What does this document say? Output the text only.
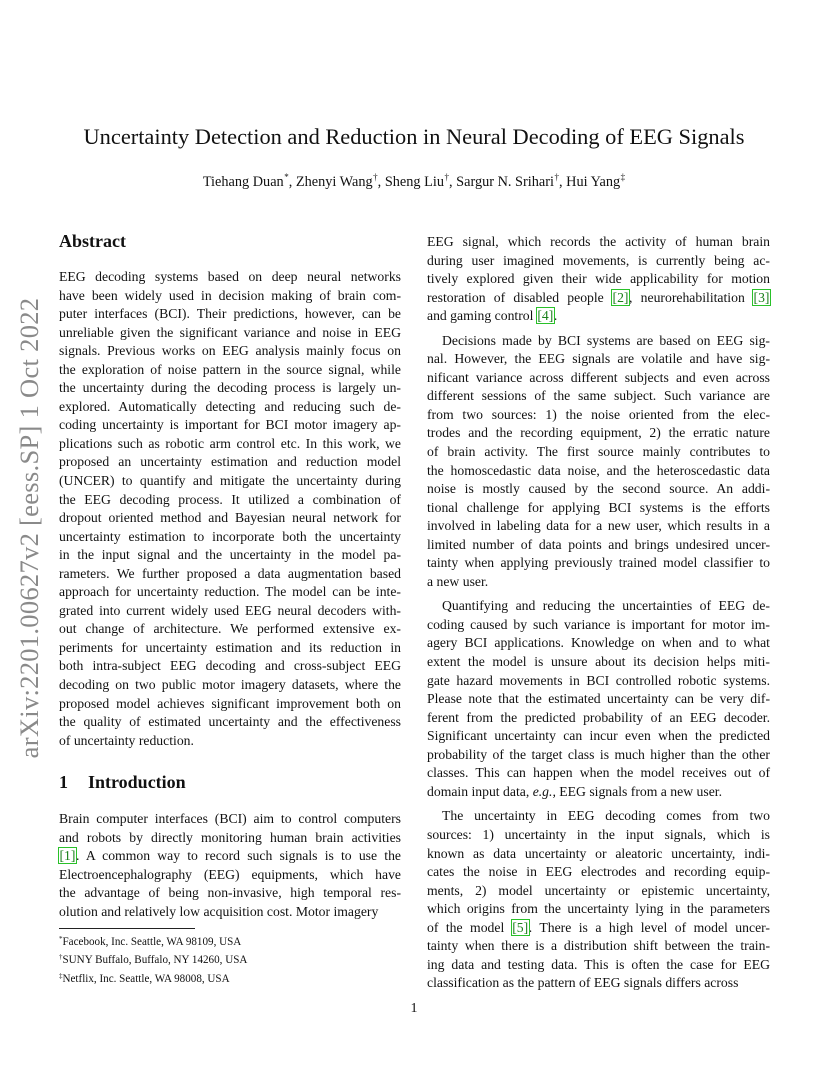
arXiv:2201.00627v2 [eess.SP] 1 Oct 2022
Uncertainty Detection and Reduction in Neural Decoding of EEG Signals
Tiehang Duan*, Zhenyi Wang†, Sheng Liu†, Sargur N. Srihari†, Hui Yang‡
Abstract

EEG decoding systems based on deep neural networks
have been widely used in decision making of brain com-
puter interfaces (BCI). Their predictions, however, can be
unreliable given the significant variance and noise in EEG
signals. Previous works on EEG analysis mainly focus on
the exploration of noise pattern in the source signal, while
the uncertainty during the decoding process is largely un-
explored. Automatically detecting and reducing such de-
coding uncertainty is important for BCI motor imagery ap-
plications such as robotic arm control etc. In this work, we
proposed an uncertainty estimation and reduction model
(UNCER) to quantify and mitigate the uncertainty during
the EEG decoding process. It utilized a combination of
dropout oriented method and Bayesian neural network for
uncertainty estimation to incorporate both the uncertainty
in the input signal and the uncertainty in the model pa-
rameters. We further proposed a data augmentation based
approach for uncertainty reduction. The model can be inte-
grated into current widely used EEG neural decoders with-
out change of architecture. We performed extensive ex-
periments for uncertainty estimation and its reduction in
both intra-subject EEG decoding and cross-subject EEG
decoding on two public motor imagery datasets, where the
proposed model achieves significant improvement both on
the quality of estimated uncertainty and the effectiveness
of uncertainty reduction.

1 Introduction

Brain computer interfaces (BCI) aim to control computers
and robots by directly monitoring human brain activities
[1]. A common way to record such signals is to use the
Electroencephalography (EEG) equipments, which have
the advantage of being non-invasive, high temporal res-
olution and relatively low acquisition cost. Motor imagery

EEG signal, which records the activity of human brain
during user imagined movements, is currently being ac-
tively explored given their wide applicability for motion
restoration of disabled people [2], neurorehabilitation [3]
and gaming control [4].

Decisions made by BCI systems are based on EEG sig-
nal. However, the EEG signals are volatile and have sig-
nificant variance across different subjects and even across
different sessions of the same subject. Such variance are
from two sources: 1) the noise oriented from the elec-
trodes and the recording equipment, 2) the erratic nature
of brain activity. The first source mainly contributes to
the homoscedastic data noise, and the heteroscedastic data
noise is mostly caused by the second source. An addi-
tional challenge for applying BCI systems is the efforts
involved in labeling data for a new user, which results in a
limited number of data points and brings undesired uncer-
tainty when applying previously trained model classifier to
a new user.

Quantifying and reducing the uncertainties of EEG de-
coding caused by such variance is important for motor im-
agery BCI applications. Knowledge on when and to what
extent the model is unsure about its decision helps miti-
gate hazard movements in BCI controlled robotic systems.
Please note that the estimated uncertainty can be very dif-
ferent from the predicted probability of an EEG decoder.
Significant uncertainty can incur even when the predicted
probability of the target class is much higher than the other
classes. This can happen when the model receives out of
domain input data, e.g., EEG signals from a new user.

The uncertainty in EEG decoding comes from two
sources: 1) uncertainty in the input signals, which is
known as data uncertainty or aleatoric uncertainty, indi-
cates the noise in EEG electrodes and recording equip-
ments, 2) model uncertainty or epistemic uncertainty,
which origins from the uncertainty lying in the parameters
of the model [5]. There is a high level of model uncer-
tainty when there is a distribution shift between the train-
ing data and testing data. This is often the case for EEG
classification as the pattern of EEG signals differs across

*Facebook, Inc. Seattle, WA 98109, USA
†SUNY Buffalo, Buffalo, NY 14260, USA
‡Netflix, Inc. Seattle, WA 98008, USA
1
